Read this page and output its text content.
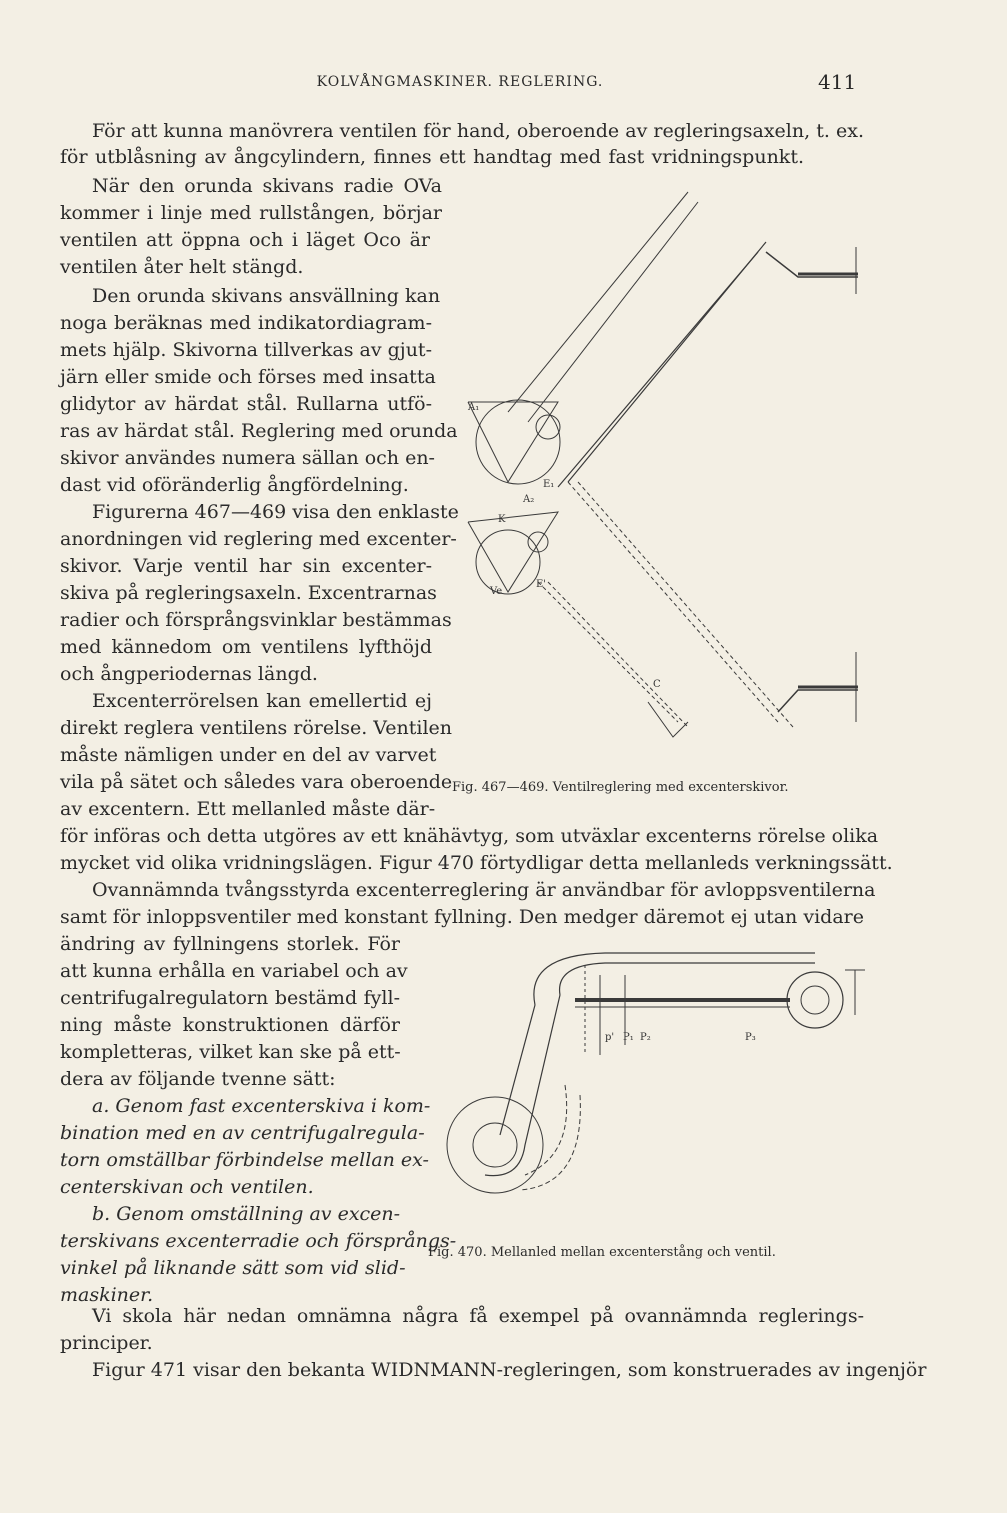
KOLVÅNGMASKINER. REGLERING.	411
För att kunna manövrera ventilen för hand, oberoende av regleringsaxeln, t. ex.
för utblåsning av ångcylindern, finnes ett handtag med fast vridningspunkt.
När den orunda skivans radie OVa
kommer i linje med rullstången, börjar
ventilen att öppna och i läget Oco är
ventilen åter helt stängd.
Den orunda skivans ansvällning kan
noga beräknas med indikatordiagram-
mets hjälp. Skivorna tillverkas av gjut-
järn eller smide och förses med insatta
glidytor av härdat stål. Rullarna utfö-
ras av härdat stål. Reglering med orunda
skivor användes numera sällan och en-
dast vid oföränderlig ångfördelning.
Figurerna 467—469 visa den enklaste
anordningen vid reglering med excenter-
skivor. Varje ventil har sin excenter-
skiva på regleringsaxeln. Excentrarnas
radier och försprångsvinklar bestämmas
med kännedom om ventilens lyfthöjd
och ångperiodernas längd.
Excenterrörelsen kan emellertid ej
direkt reglera ventilens rörelse. Ventilen
måste nämligen under en del av varvet
vila på sätet och således vara oberoende
av excentern. Ett mellanled måste där-
för införas och detta utgöres av ett knähävtyg, som utväxlar excenterns rörelse olika
mycket vid olika vridningslägen. Figur 470 förtydligar detta mellanleds verkningssätt.
Ovannämnda tvångsstyrda excenterreglering är användbar för avloppsventilerna
samt för inloppsventiler med konstant fyllning. Den medger däremot ej utan vidare
ändring av fyllningens storlek. För
att kunna erhålla en variabel och av
centrifugalregulatorn bestämd fyll-
ning måste konstruktionen därför
kompletteras, vilket kan ske på ett-
dera av följande tvenne sätt:
a. Genom fast excenterskiva i kom-
bination med en av centrifugalregula-
torn omställbar förbindelse mellan ex-
centerskivan och ventilen.
b. Genom omställning av excen-
terskivans excenterradie och försprångs-
vinkel på liknande sätt som vid slid-
maskiner.
Vi skola här nedan omnämna några få exempel på ovannämnda reglerings-
principer.
Figur 471 visar den bekanta WIDNMANN-regleringen, som konstruerades av ingenjör
A₁
A₂
E₁
E'
K
Ve
C
Fig. 467—469. Ventilreglering med excenterskivor.
p' P₁ P₂	P₃
Fig. 470. Mellanled mellan excenterstång och ventil.
